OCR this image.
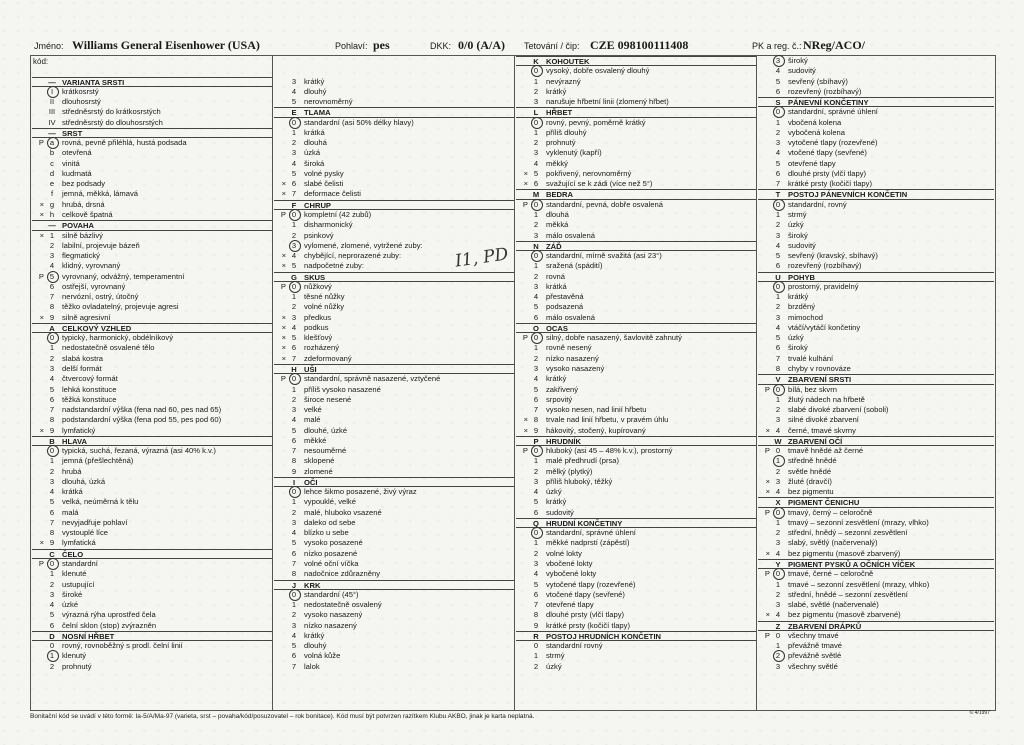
Jméno: Williams General Eisenhower (USA)	Pohlaví: pes	DKK: 0/0 (A/A) Tetování / čip: CZE 098100111408	PK a reg. č.: NReg/ACO/
kód:
— VARIANTA SRSTI
I	krátkosrstý
II	dlouhosrstý
III středněsrstý do krátkosrstých
IV středněsrstý do dlouhosrstých
— SRST
P a	rovná, pevně přiléhlá, hustá podsada
b	otevřená
c	vinitá
d	kudrnatá
e	bez podsady
f	jemná, měkká, lámavá
× g	hrubá, drsná
× h	celkově špatná
— POVAHA
× 1	silně bázlivý
2	labilní, projevuje bázeň
3	flegmatický
4	klidný, vyrovnaný
P 5	vyrovnaný, odvážný, temperamentní
6	ostřejší, vyrovnaný
7	nervózní, ostrý, útočný
8	těžko ovladatelný, projevuje agresi
× 9	silně agresivní
A CELKOVÝ VZHLED
0	typický, harmonický, obdélníkový
1	nedostatečně osvalené tělo
2	slabá kostra
3	delší formát
4	čtvercový formát
5	lehká konstituce
6	těžká konstituce
7	nadstandardní výška (fena nad 60, pes nad 65)
8	podstandardní výška (fena pod 55, pes pod 60)
× 9	lymfatický
B HLAVA
0	typická, suchá, řezaná, výrazná (asi 40% k.v.)
1	jemná (přešlechtěná)
2	hrubá
3	dlouhá, úzká
4	krátká
5	velká, neúměrná k tělu
6	malá
7	nevyjadřuje pohlaví
8	vystouplé líce
× 9	lymfatická
C ČELO
P 0	standardní
1	klenuté
2	ustupující
3	široké
4	úzké
5	výrazná rýha uprostřed čela
6	čelní sklon (stop) zvýrazněn
D NOSNÍ HŘBET
0	rovný, rovnoběžný s prodl. čelní linií
1	klenutý
2	prohnutý
3	krátký
4	dlouhý
5	nerovnoměrný
E TLAMA
0	standardní (asi 50% délky hlavy)
1	krátká
2	dlouhá
3	úzká
4	široká
5	volné pysky
× 6	slabé čelisti
× 7	deformace čelisti
F	CHRUP
P 0	kompletní (42 zubů)
1	disharmonický
2	psinkový
3	vylomené, zlomené, vytržené zuby:
× 4	chybějící, neprorazené zuby:
× 5	nadpočetné zuby:
G SKUS
P 0	nůžkový
1	těsné nůžky
2	volné nůžky
× 3	předkus
× 4	podkus
× 5	klešťový
× 6	rozházený
× 7	zdeformovaný
H UŠI
P 0	standardní, správně nasazené, vztyčené
1	příliš vysoko nasazené
2	široce nesené
3	velké
4	malé
5	dlouhé, úzké
6	měkké
7	nesouměrné
8	sklopené
9	zlomené
I	OČI
0	lehce šikmo posazené, živý výraz
1	vypouklé, velké
2	malé, hluboko vsazené
3	daleko od sebe
4	blízko u sebe
5	vysoko posazené
6	nízko posazené
7	volné oční víčka
8	nadočnice zdůrazněny
J	KRK
0	standardní (45°)
1	nedostatečně osvalený
2	vysoko nasazený
3	nízko nasazený
4	krátký
5	dlouhý
6	volná kůže
7	lalok
K KOHOUTEK
0	vysoký, dobře osvalený dlouhý
1	nevýrazný
2	krátký
3	narušuje hřbetní linii (zlomený hřbet)
L	HŘBET
0	rovný, pevný, poměrně krátký
1	příliš dlouhý
2	prohnutý
3	vyklenutý (kapří)
4	měkký
× 5	pokřivený, nerovnoměrný
× 6	svažující se k zádi (více než 5°)
M BEDRA
P 0	standardní, pevná, dobře osvalená
1	dlouhá
2	měkká
3	málo osvalená
N ZÁĎ
0	standardní, mírně svažitá (asi 23°)
1	sražená (spádití)
2	rovná
3	krátká
4	přestavěná
5	podsazená
6	málo osvalená
O OCAS
P 0	silný, dobře nasazený, šavlovitě zahnutý
1	rovně nesený
2	nízko nasazený
3	vysoko nasazený
4	krátký
5	zakřivený
6	srpovitý
7	vysoko nesen, nad linií hřbetu
× 8	trvale nad linií hřbetu, v pravém úhlu
× 9	hákovitý, stočený, kupírovaný
P HRUDNÍK
P 0	hluboký (asi 45 – 48% k.v.), prostorný
1	malé předhrudí (prsa)
2	mělký (plytký)
3	příliš hluboký, těžký
4	úzký
5	krátký
6	sudovitý
Q HRUDNÍ KONČETINY
0	standardní, správné úhlení
1	měkké nadprstí (zápěstí)
2	volné lokty
3	vbočené lokty
4	vybočené lokty
5	vytočené tlapy (rozevřené)
6	vtočené tlapy (sevřené)
7	otevřené tlapy
8	dlouhé prsty (vlčí tlapy)
9	krátké prsty (kočičí tlapy)
R POSTOJ HRUDNÍCH KONČETIN
0	standardní rovný
1	strmý
2	úzký
3	široký
4	sudovitý
5	sevřený (sbíhavý)
6	rozevřený (rozbíhavý)
S PÁNEVNÍ KONČETINY
0	standardní, správné úhlení
1	vbočená kolena
2	vybočená kolena
3	vytočené tlapy (rozevřené)
4	vtočené tlapy (sevřené)
5	otevřené tlapy
6	dlouhé prsty (vlčí tlapy)
7	krátké prsty (kočičí tlapy)
T	POSTOJ PÁNEVNÍCH KONČETIN
0	standardní, rovný
1	strmý
2	úzký
3	široký
4	sudovitý
5	sevřený (kravský, sbíhavý)
6	rozevřený (rozbíhavý)
U POHYB
0	prostorný, pravidelný
1	krátký
2	brzděný
3	mimochod
4	vtáčí/vytáčí končetiny
5	úzký
6	široký
7	trvalé kulhání
8	chyby v rovnováze
V ZBARVENÍ SRSTI
P 0	bílá, bez skvrn
1	žlutý nádech na hřbetě
2	slabé divoké zbarvení (soboli)
3	silné divoké zbarvení
× 4	černé, tmavé skvrny
W ZBARVENÍ OČÍ
P 0	tmavě hnědé až černé
1	středně hnědé
2	světle hnědé
× 3	žluté (dravčí)
× 4	bez pigmentu
X PIGMENT ČENICHU
P 0	tmavý, černý – celoročně
1	tmavý – sezonní zesvětlení (mrazy, vlhko)
2	střední, hnědý – sezonní zesvětlení
3	slabý, světlý (načervenalý)
× 4	bez pigmentu (masově zbarvený)
Y PIGMENT PYSKŮ A OČNÍCH VÍČEK
P 0	tmavé, černé – celoročně
1	tmavé – sezonní zesvětlení (mrazy, vlhko)
2	střední, hnědé – sezonní zesvětlení
3	slabé, světlé (načervenalé)
× 4	bez pigmentu (masově zbarvené)
Z	ZBARVENÍ DRÁPKŮ
P 0	všechny tmavé
1	převážně tmavé
2	převážně světlé
3	všechny světlé
I1, PD
Bonitační kód se uvádí v této formě: Ia-5/A/Ma-97 (varieta, srst – povaha/kód/posuzovatel – rok bonitace). Kód musí být potvrzen razítkem Klubu AKBO, jinak je karta neplatná.	© 4/1997
